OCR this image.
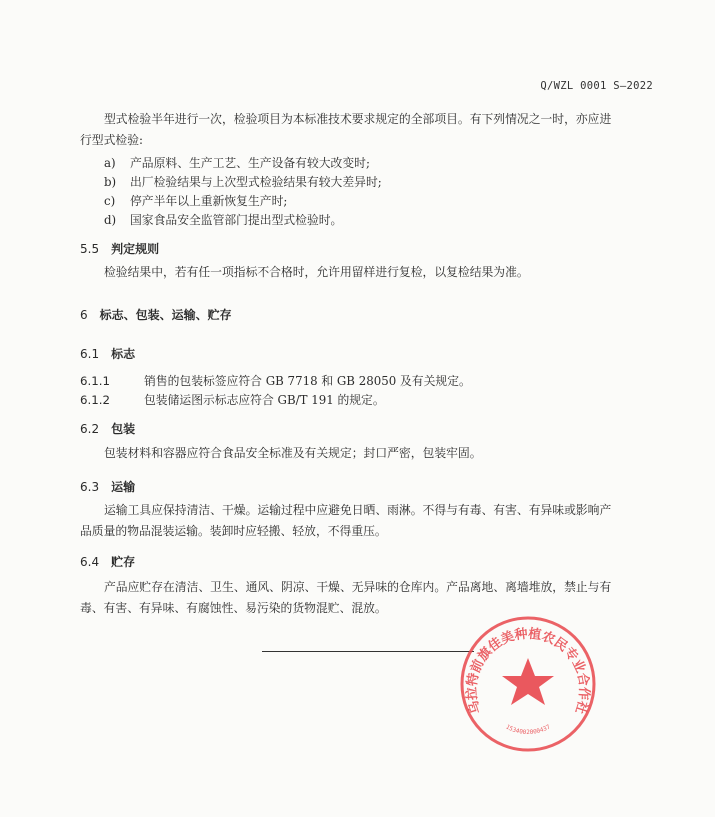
Q/WZL 0001 S—2022
型式检验半年进行一次，检验项目为本标准技术要求规定的全部项目。有下列情况之一时，亦应进
行型式检验:
a) 产品原料、生产工艺、生产设备有较大改变时;
b) 出厂检验结果与上次型式检验结果有较大差异时;
c) 停产半年以上重新恢复生产时;
d) 国家食品安全监管部门提出型式检验时。
5.5 判定规则
检验结果中，若有任一项指标不合格时，允许用留样进行复检，以复检结果为准。
6 标志、包装、运输、贮存
6.1 标志
6.1.1	销售的包装标签应符合 GB 7718 和 GB 28050 及有关规定。
6.1.2	包装储运图示标志应符合 GB/T 191 的规定。
6.2 包装
包装材料和容器应符合食品安全标准及有关规定；封口严密，包装牢固。
6.3 运输
运输工具应保持清洁、干燥。运输过程中应避免日晒、雨淋。不得与有毒、有害、有异味或影响产
品质量的物品混装运输。装卸时应轻搬、轻放，不得重压。
6.4 贮存
产品应贮存在清洁、卫生、通风、阴凉、干燥、无异味的仓库内。产品离地、离墙堆放，禁止与有
毒、有害、有异味、有腐蚀性、易污染的货物混贮、混放。
乌拉特前旗佳美种植农民专业合作社
1534002000437
